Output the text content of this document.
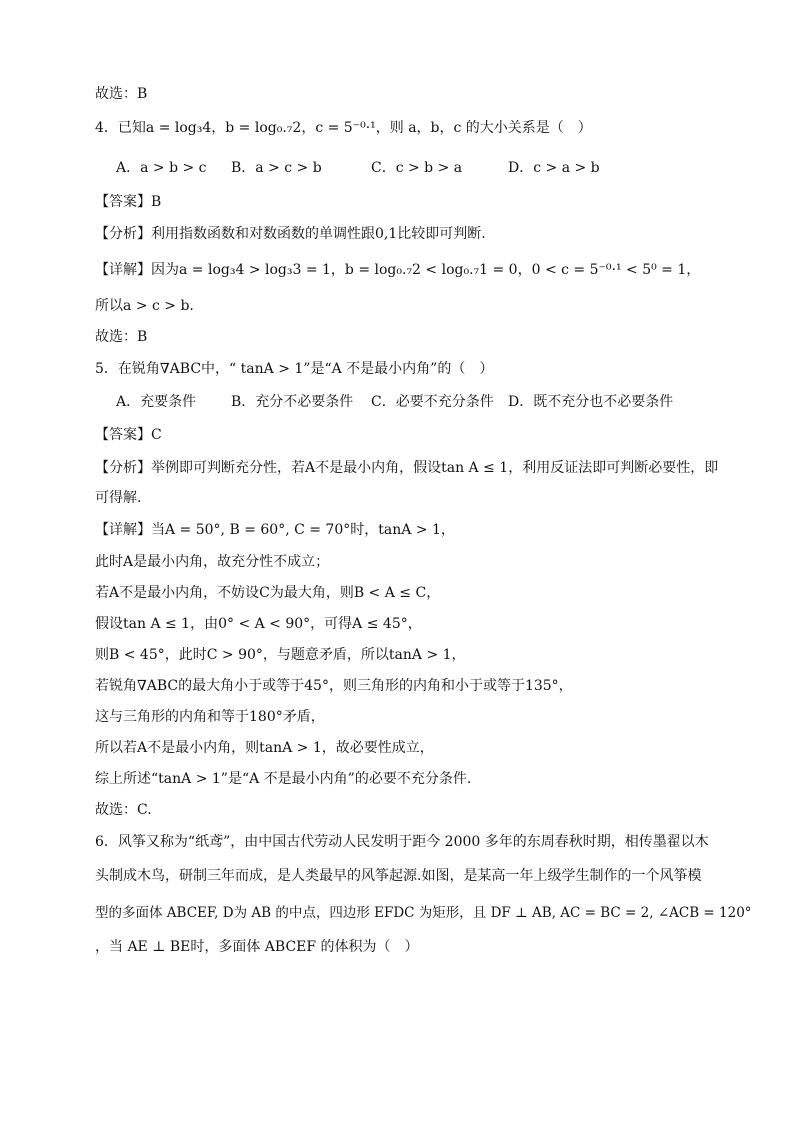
故选：B
4．已知a = log₃4，b = log₀.₇2，c = 5⁻⁰·¹，则 a，b，c 的大小关系是（　）
A．a > b > c B．a > c > b	C．c > b > a	D．c > a > b
【答案】B
【分析】利用指数函数和对数函数的单调性跟0,1比较即可判断.
【详解】因为a = log₃4 > log₃3 = 1，b = log₀.₇2 < log₀.₇1 = 0，0 < c = 5⁻⁰·¹ < 5⁰ = 1，
所以a > c > b.
故选：B
5．在锐角∇ABC中，“ tanA > 1”是“A 不是最小内角”的（　）
A．充要条件 B．充分不必要条件 C．必要不充分条件 D．既不充分也不必要条件
【答案】C
【分析】举例即可判断充分性，若A不是最小内角，假设tan A ≤ 1，利用反证法即可判断必要性，即
可得解.
【详解】当A = 50°, B = 60°, C = 70°时，tanA > 1，
此时A是最小内角，故充分性不成立；
若A不是最小内角，不妨设C为最大角，则B < A ≤ C，
假设tan A ≤ 1，由0° < A < 90°，可得A ≤ 45°，
则B < 45°，此时C > 90°，与题意矛盾，所以tanA > 1，
若锐角∇ABC的最大角小于或等于45°，则三角形的内角和小于或等于135°，
这与三角形的内角和等于180°矛盾，
所以若A不是最小内角，则tanA > 1，故必要性成立，
综上所述“tanA > 1”是“A 不是最小内角”的必要不充分条件.
故选：C.
6．风筝又称为“纸鸢”，由中国古代劳动人民发明于距今 2000 多年的东周春秋时期，相传墨翟以木
头制成木鸟，研制三年而成，是人类最早的风筝起源.如图，是某高一年上级学生制作的一个风筝模
型的多面体 ABCEF, D为 AB 的中点，四边形 EFDC 为矩形，且 DF ⊥ AB, AC = BC = 2, ∠ACB = 120°
，当 AE ⊥ BE时，多面体 ABCEF 的体积为（　）
